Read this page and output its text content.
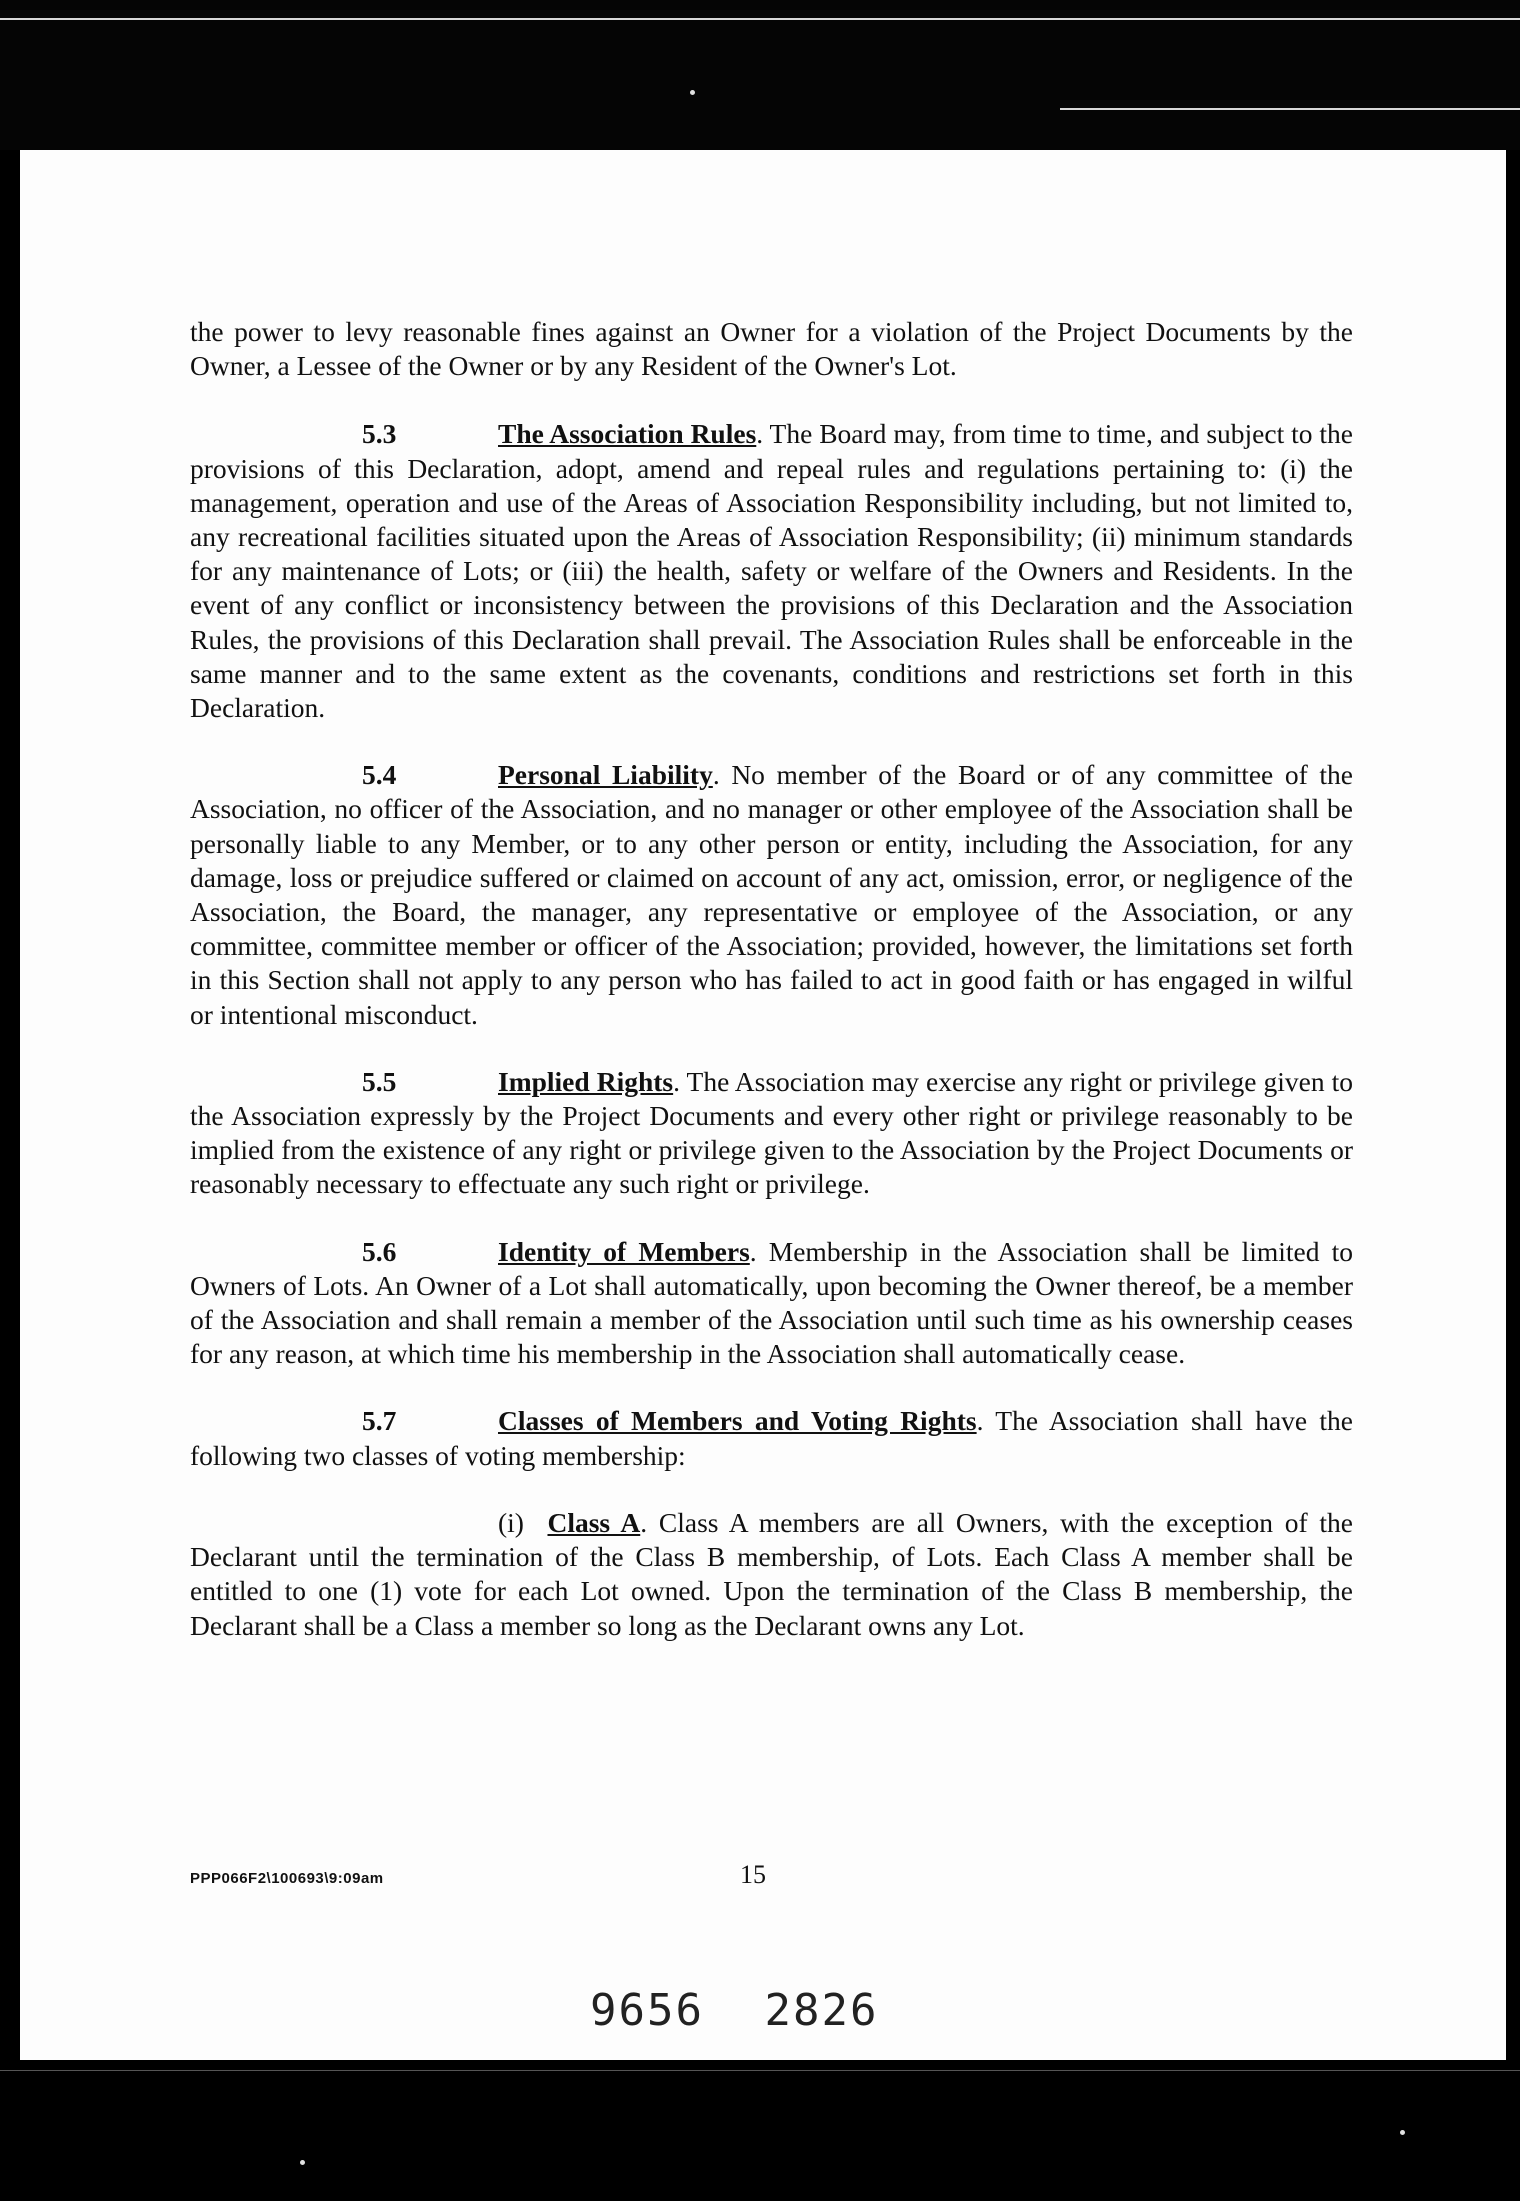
the power to levy reasonable fines against an Owner for a violation of the Project Documents by the Owner, a Lessee of the Owner or by any Resident of the Owner's Lot.

5.3	The Association Rules. The Board may, from time to time, and subject to the provisions of this Declaration, adopt, amend and repeal rules and regulations pertaining to: (i) the management, operation and use of the Areas of Association Responsibility including, but not limited to, any recreational facilities situated upon the Areas of Association Responsibility; (ii) minimum standards for any maintenance of Lots; or (iii) the health, safety or welfare of the Owners and Residents. In the event of any conflict or inconsistency between the provisions of this Declaration and the Association Rules, the provisions of this Declaration shall prevail. The Association Rules shall be enforceable in the same manner and to the same extent as the covenants, conditions and restrictions set forth in this Declaration.

5.4	Personal Liability. No member of the Board or of any committee of the Association, no officer of the Association, and no manager or other employee of the Association shall be personally liable to any Member, or to any other person or entity, including the Association, for any damage, loss or prejudice suffered or claimed on account of any act, omission, error, or negligence of the Association, the Board, the manager, any representative or employee of the Association, or any committee, committee member or officer of the Association; provided, however, the limitations set forth in this Section shall not apply to any person who has failed to act in good faith or has engaged in wilful or intentional misconduct.

5.5	Implied Rights. The Association may exercise any right or privilege given to the Association expressly by the Project Documents and every other right or privilege reasonably to be implied from the existence of any right or privilege given to the Association by the Project Documents or reasonably necessary to effectuate any such right or privilege.

5.6	Identity of Members. Membership in the Association shall be limited to Owners of Lots. An Owner of a Lot shall automatically, upon becoming the Owner thereof, be a member of the Association and shall remain a member of the Association until such time as his ownership ceases for any reason, at which time his membership in the Association shall automatically cease.

5.7	Classes of Members and Voting Rights. The Association shall have the following two classes of voting membership:

(i) Class A. Class A members are all Owners, with the exception of the Declarant until the termination of the Class B membership, of Lots. Each Class A member shall be entitled to one (1) vote for each Lot owned. Upon the termination of the Class B membership, the Declarant shall be a Class a member so long as the Declarant owns any Lot.

PPP066F2\100693\9:09am	15
9656 2826
